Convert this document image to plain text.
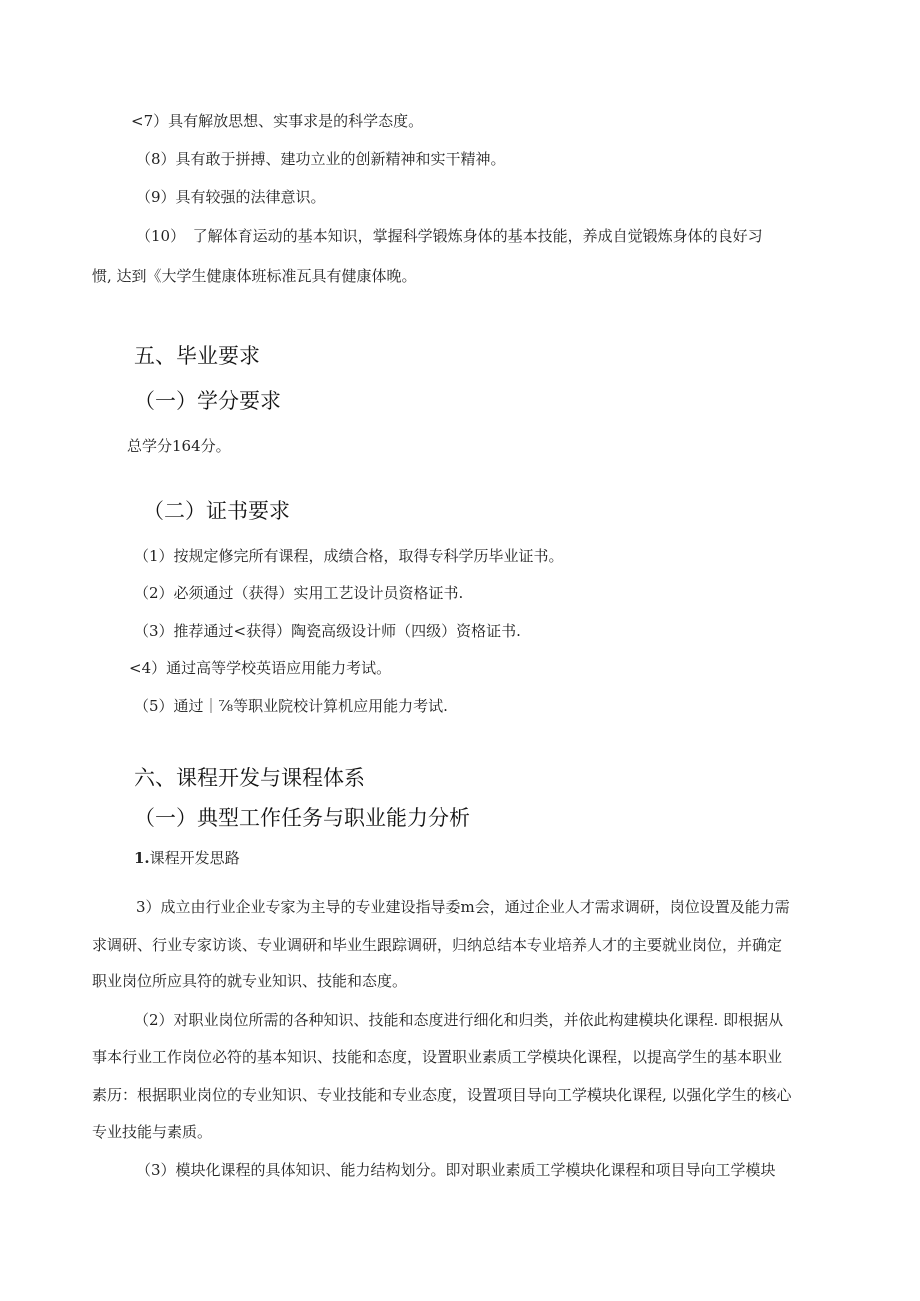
<7）具有解放思想、实事求是的科学态度。
（8）具有敢于拼搏、建功立业的创新精神和实干精神。
（9）具有较强的法律意识。
（10）　了解体育运动的基本知识，掌握科学锻炼身体的基本技能，养成自觉锻炼身体的良好习
惯, 达到《大学生健康体班标准瓦具有健康体晚。
五、毕业要求
（一）学分要求
总学分164分。
（二）证书要求
（1）按规定修完所有课程，成绩合格，取得专科学历毕业证书。
（2）必须通过（获得）实用工艺设计员资格证书.
（3）推荐通过<获得）陶瓷高级设计师（四级）资格证书.
<4）通过高等学校英语应用能力考试。
（5）通过｜⅞等职业院校计算机应用能力考试.
六、课程开发与课程体系
（一）典型工作任务与职业能力分析
1.课程开发思路
3）成立由行业企业专家为主导的专业建设指导委m会，通过企业人才需求调研，岗位设置及能力需
求调研、行业专家访谈、专业调研和毕业生跟踪调研，归纳总结本专业培养人才的主要就业岗位，并确定
职业岗位所应具符的就专业知识、技能和态度。
（2）对职业岗位所需的各种知识、技能和态度进行细化和归类，并依此构建模块化课程. 即根据从
事本行业工作岗位必符的基本知识、技能和态度，设置职业素质工学模块化课程，以提高学生的基本职业
素历：根据职业岗位的专业知识、专业技能和专业态度，设置项目导向工学模块化课程, 以强化学生的核心
专业技能与素质。
（3）模块化课程的具体知识、能力结构划分。即对职业素质工学模块化课程和项目导向工学模块
